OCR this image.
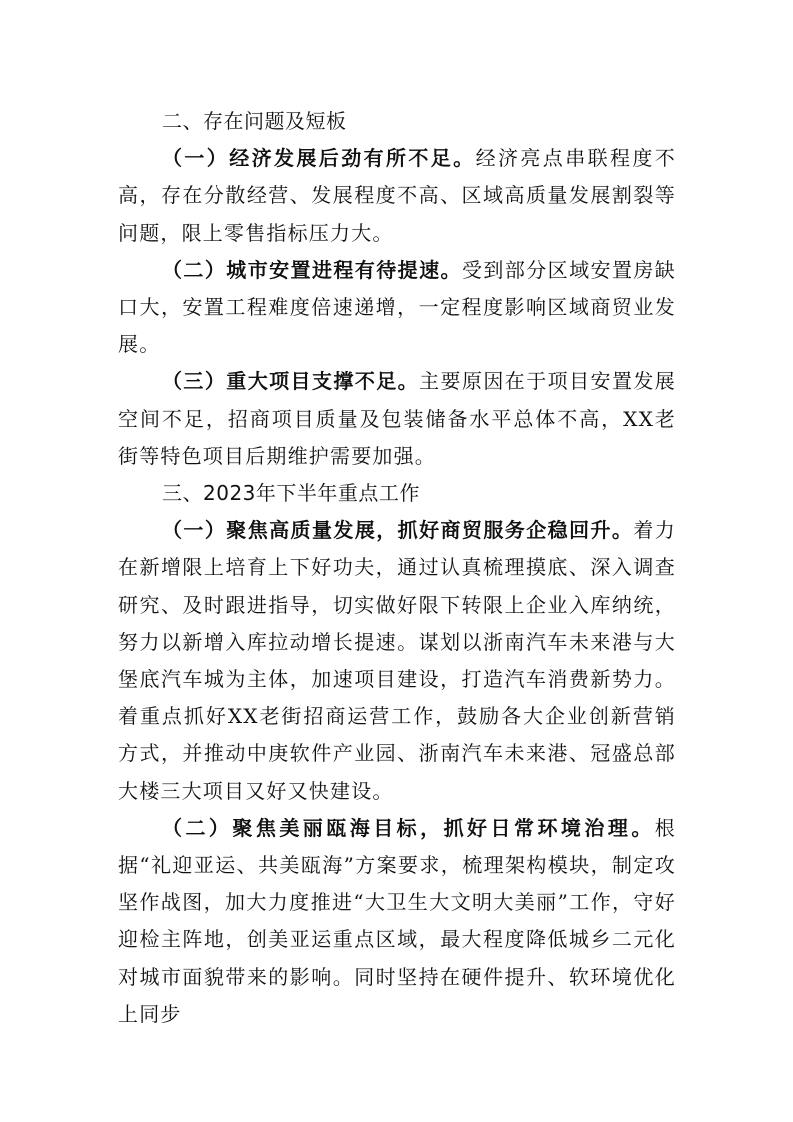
二、存在问题及短板

（一）经济发展后劲有所不足。经济亮点串联程度不高，存在分散经营、发展程度不高、区域高质量发展割裂等问题，限上零售指标压力大。

（二）城市安置进程有待提速。受到部分区域安置房缺口大，安置工程难度倍速递增，一定程度影响区域商贸业发展。

（三）重大项目支撑不足。主要原因在于项目安置发展空间不足，招商项目质量及包装储备水平总体不高，XX老街等特色项目后期维护需要加强。

三、2023年下半年重点工作

（一）聚焦高质量发展，抓好商贸服务企稳回升。着力在新增限上培育上下好功夫，通过认真梳理摸底、深入调查研究、及时跟进指导，切实做好限下转限上企业入库纳统，努力以新增入库拉动增长提速。谋划以浙南汽车未来港与大堡底汽车城为主体，加速项目建设，打造汽车消费新势力。着重点抓好XX老街招商运营工作，鼓励各大企业创新营销方式，并推动中庚软件产业园、浙南汽车未来港、冠盛总部大楼三大项目又好又快建设。

（二）聚焦美丽瓯海目标，抓好日常环境治理。根据“礼迎亚运、共美瓯海”方案要求，梳理架构模块，制定攻坚作战图，加大力度推进“大卫生大文明大美丽”工作，守好迎检主阵地，创美亚运重点区域，最大程度降低城乡二元化对城市面貌带来的影响。同时坚持在硬件提升、软环境优化上同步
